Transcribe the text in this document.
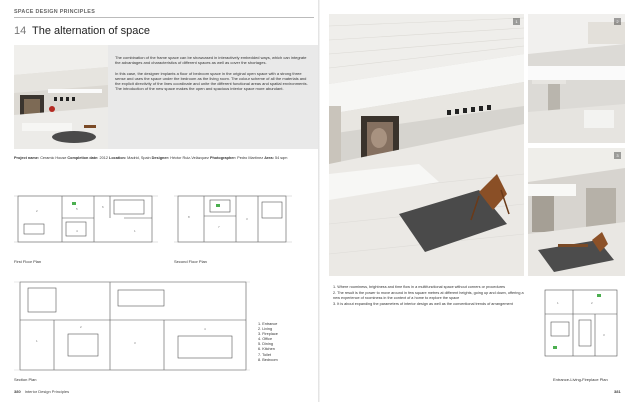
SPACE DESIGN PRINCIPLES
14 The alternation of space

The combination of the frame space can be showcased in interactively embedded ways, which can integrate the advantages and characteristics of different spaces as well as cover the shortages.

In this case, the designer implants a floor of bedroom space in the original open space with a strong three sense and uses the space under the bedroom as the living room. The colour scheme of all the materials and the explicit directivity of the lines coordinate and unite the different functional areas and spatial environments. The introduction of the new space makes the open and spacious interior space more abundant.

Project name: Ceramic House Completion date: 2012 Location: Madrid, Spain Designer: Héctor Ruiz-Velázquez Photographer: Pedro Martínez Area: 54 sqm
2	5	6
1
4
First Floor Plan
8
7
3
Second Floor Plan
1
2
3
4
Section Plan
1. Entrance
2. Living
3. Fireplace
4. Office
5. Dining
6. Kitchen
7. Toilet
8. Bedroom
380 Interior Design Principles
1	2
3

1. Where roominess, brightness and time flow in a multifunctional space without corners or procedures

2. The result is the power to move around in few square metres at different heights, going up and down, offering a new experience of roominess in the context of a home to explore the space

3. It is about expanding the parameters of interior design as well as the conventional trends of arrangement	1	2
3
Entrance-Living-Fireplace Plan
381
